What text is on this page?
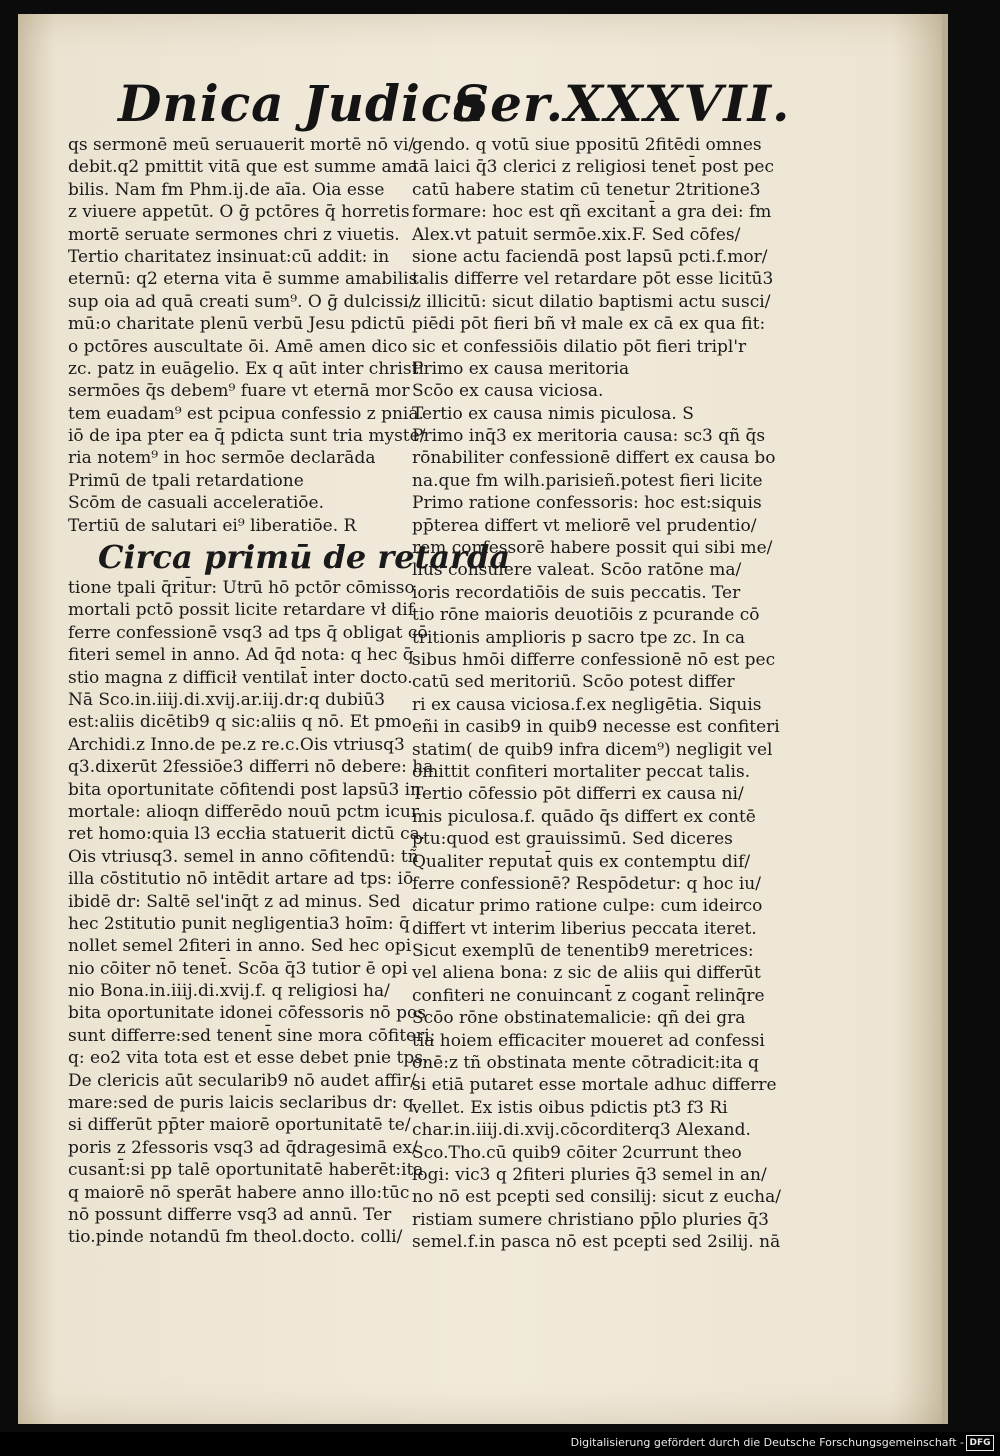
Dnica Judica
Ser.XXXVII.
qs sermonē meū seruauerit mortē nō vi/
debit.q2 pmittit vitā que est summe ama
bilis. Nam fm Phm.ij.de aīa. Oia esse
z viuere appetūt. O ḡ pctōres q̄ horretis
mortē seruate sermones chri z viuetis.
Tertio charitatez insinuat:cū addit: in
eternū: q2 eterna vita ē summe amabilis
sup oia ad quā creati sum⁹. O ḡ dulcissi/
mū:o charitate plenū verbū Jesu pdictū
o pctōres auscultate ōi. Amē amen dico
zc. patz in euāgelio. Ex q aūt inter christi
sermōes q̄s debem⁹ fuare vt eternā mor
tem euadam⁹ est pcipua confessio z pnia.
iō de ipa pter ea q̄ pdicta sunt tria myste/
ria notem⁹ in hoc sermōe declarāda
Primū de tpali retardatione
Scōm de casuali acceleratiōe.
Tertiū de salutari ei⁹ liberatiōe. R
Circa primū de retarda
tione tpali q̄rit̄ur: Utrū hō pctōr cōmisso
mortali pctō possit licite retardare vł dif
ferre confessionē vsq3 ad tps q̄ obligat cō
fiteri semel in anno. Ad q̄d nota: q hec q̄
stio magna z difficił ventilat̄ inter docto.
Nā Sco.in.iiij.di.xvij.ar.iij.dr:q dubiū3
est:aliis dicētib9 q sic:aliis q nō. Et pmo
Archidi.z Inno.de pe.z re.c.Ois vtriusq3
q3.dixerūt 2fessiōe3 differri nō debere: ha
bita oportunitate cōfitendi post lapsū3 in
mortale: alioqn differēdo nouū pctm icur
ret homo:quia l3 eccłia statuerit dictū ca.
Ois vtriusq3. semel in anno cōfitendū: tñ
illa cōstitutio nō intēdit artare ad tps: iō
ibidē dr: Saltē sel'inq̄t z ad minus. Sed
hec 2stitutio punit negligentia3 hoīm: q̄
nollet semel 2fiteri in anno. Sed hec opi
nio cōiter nō tenet̄. Scōa q̄3 tutior ē opi
nio Bona.in.iiij.di.xvij.f. q religiosi ha/
bita oportunitate idonei cōfessoris nō pos
sunt differre:sed tenent̄ sine mora cōfiteri:
q: eo2 vita tota est et esse debet pnie tps.
De clericis aūt secularib9 nō audet affir/
mare:sed de puris laicis seclaribus dr: q
si differūt pp̄ter maiorē oportunitatē te/
poris z 2fessoris vsq3 ad q̄dragesimā ex/
cusant̄:si pp talē oportunitatē haberēt:ita
q maiorē nō sperāt habere anno illo:tūc
nō possunt differre vsq3 ad annū. Ter
tio.pinde notandū fm theol.docto. colli/
gendo. q votū siue ppositū 2fitēdi omnes
tā laici q̄3 clerici z religiosi tenet̄ post pec
catū habere statim cū tenetur 2tritione3
formare: hoc est qñ excitant̄ a gra dei: fm
Alex.vt patuit sermōe.xix.F. Sed cōfes/
sione actu faciendā post lapsū pcti.f.mor/
talis differre vel retardare pōt esse licitū3
z illicitū: sicut dilatio baptismi actu susci/
piēdi pōt fieri bñ vł male ex cā ex qua fit:
sic et confessiōis dilatio pōt fieri tripl'r
Primo ex causa meritoria
Scōo ex causa viciosa.
Tertio ex causa nimis piculosa. S
Primo inq̄3 ex meritoria causa: sc3 qñ q̄s
rōnabiliter confessionē differt ex causa bo
na.que fm wilh.parisieñ.potest fieri licite
Primo ratione confessoris: hoc est:siquis
pp̄terea differt vt meliorē vel prudentio/
rem confessorē habere possit qui sibi me/
lius consulere valeat. Scōo ratōne ma/
ioris recordatiōis de suis peccatis. Ter
tio rōne maioris deuotiōis z pcurande cō
tritionis amplioris p sacro tpe zc. In ca
sibus hmōi differre confessionē nō est pec
catū sed meritoriū. Scōo potest differ
ri ex causa viciosa.f.ex negligētia. Siquis
eñi in casib9 in quib9 necesse est confiteri
statim( de quib9 infra dicem⁹) negligit vel
omittit confiteri mortaliter peccat talis.
Tertio cōfessio pōt differri ex causa ni/
mis piculosa.f. quādo q̄s differt ex contē
ptu:quod est grauissimū. Sed diceres
Qualiter reputat̄ quis ex contemptu dif/
ferre confessionē? Respōdetur: q hoc iu/
dicatur primo ratione culpe: cum ideirco
differt vt interim liberius peccata iteret.
Sicut exemplū de tenentib9 meretrices:
vel aliena bona: z sic de aliis qui differūt
confiteri ne conuincant̄ z cogant̄ relinq̄re
Scōo rōne obstinatemalicie: qñ dei gra
tia hoiem efficaciter moueret ad confessi
onē:z tñ obstinata mente cōtradicit:ita q
si etiā putaret esse mortale adhuc differre
vellet. Ex istis oibus pdictis pt3 f3 Ri
char.in.iiij.di.xvij.cōcorditerq3 Alexand.
Sco.Tho.cū quib9 cōiter 2currunt theo
logi: vic3 q 2fiteri pluries q̄3 semel in an/
no nō est pcepti sed consilij: sicut z eucha/
ristiam sumere christiano pp̄lo pluries q̄3
semel.f.in pasca nō est pcepti sed 2silij. nā
Digitalisierung gefördert durch die Deutsche Forschungsgemeinschaft - DFG
